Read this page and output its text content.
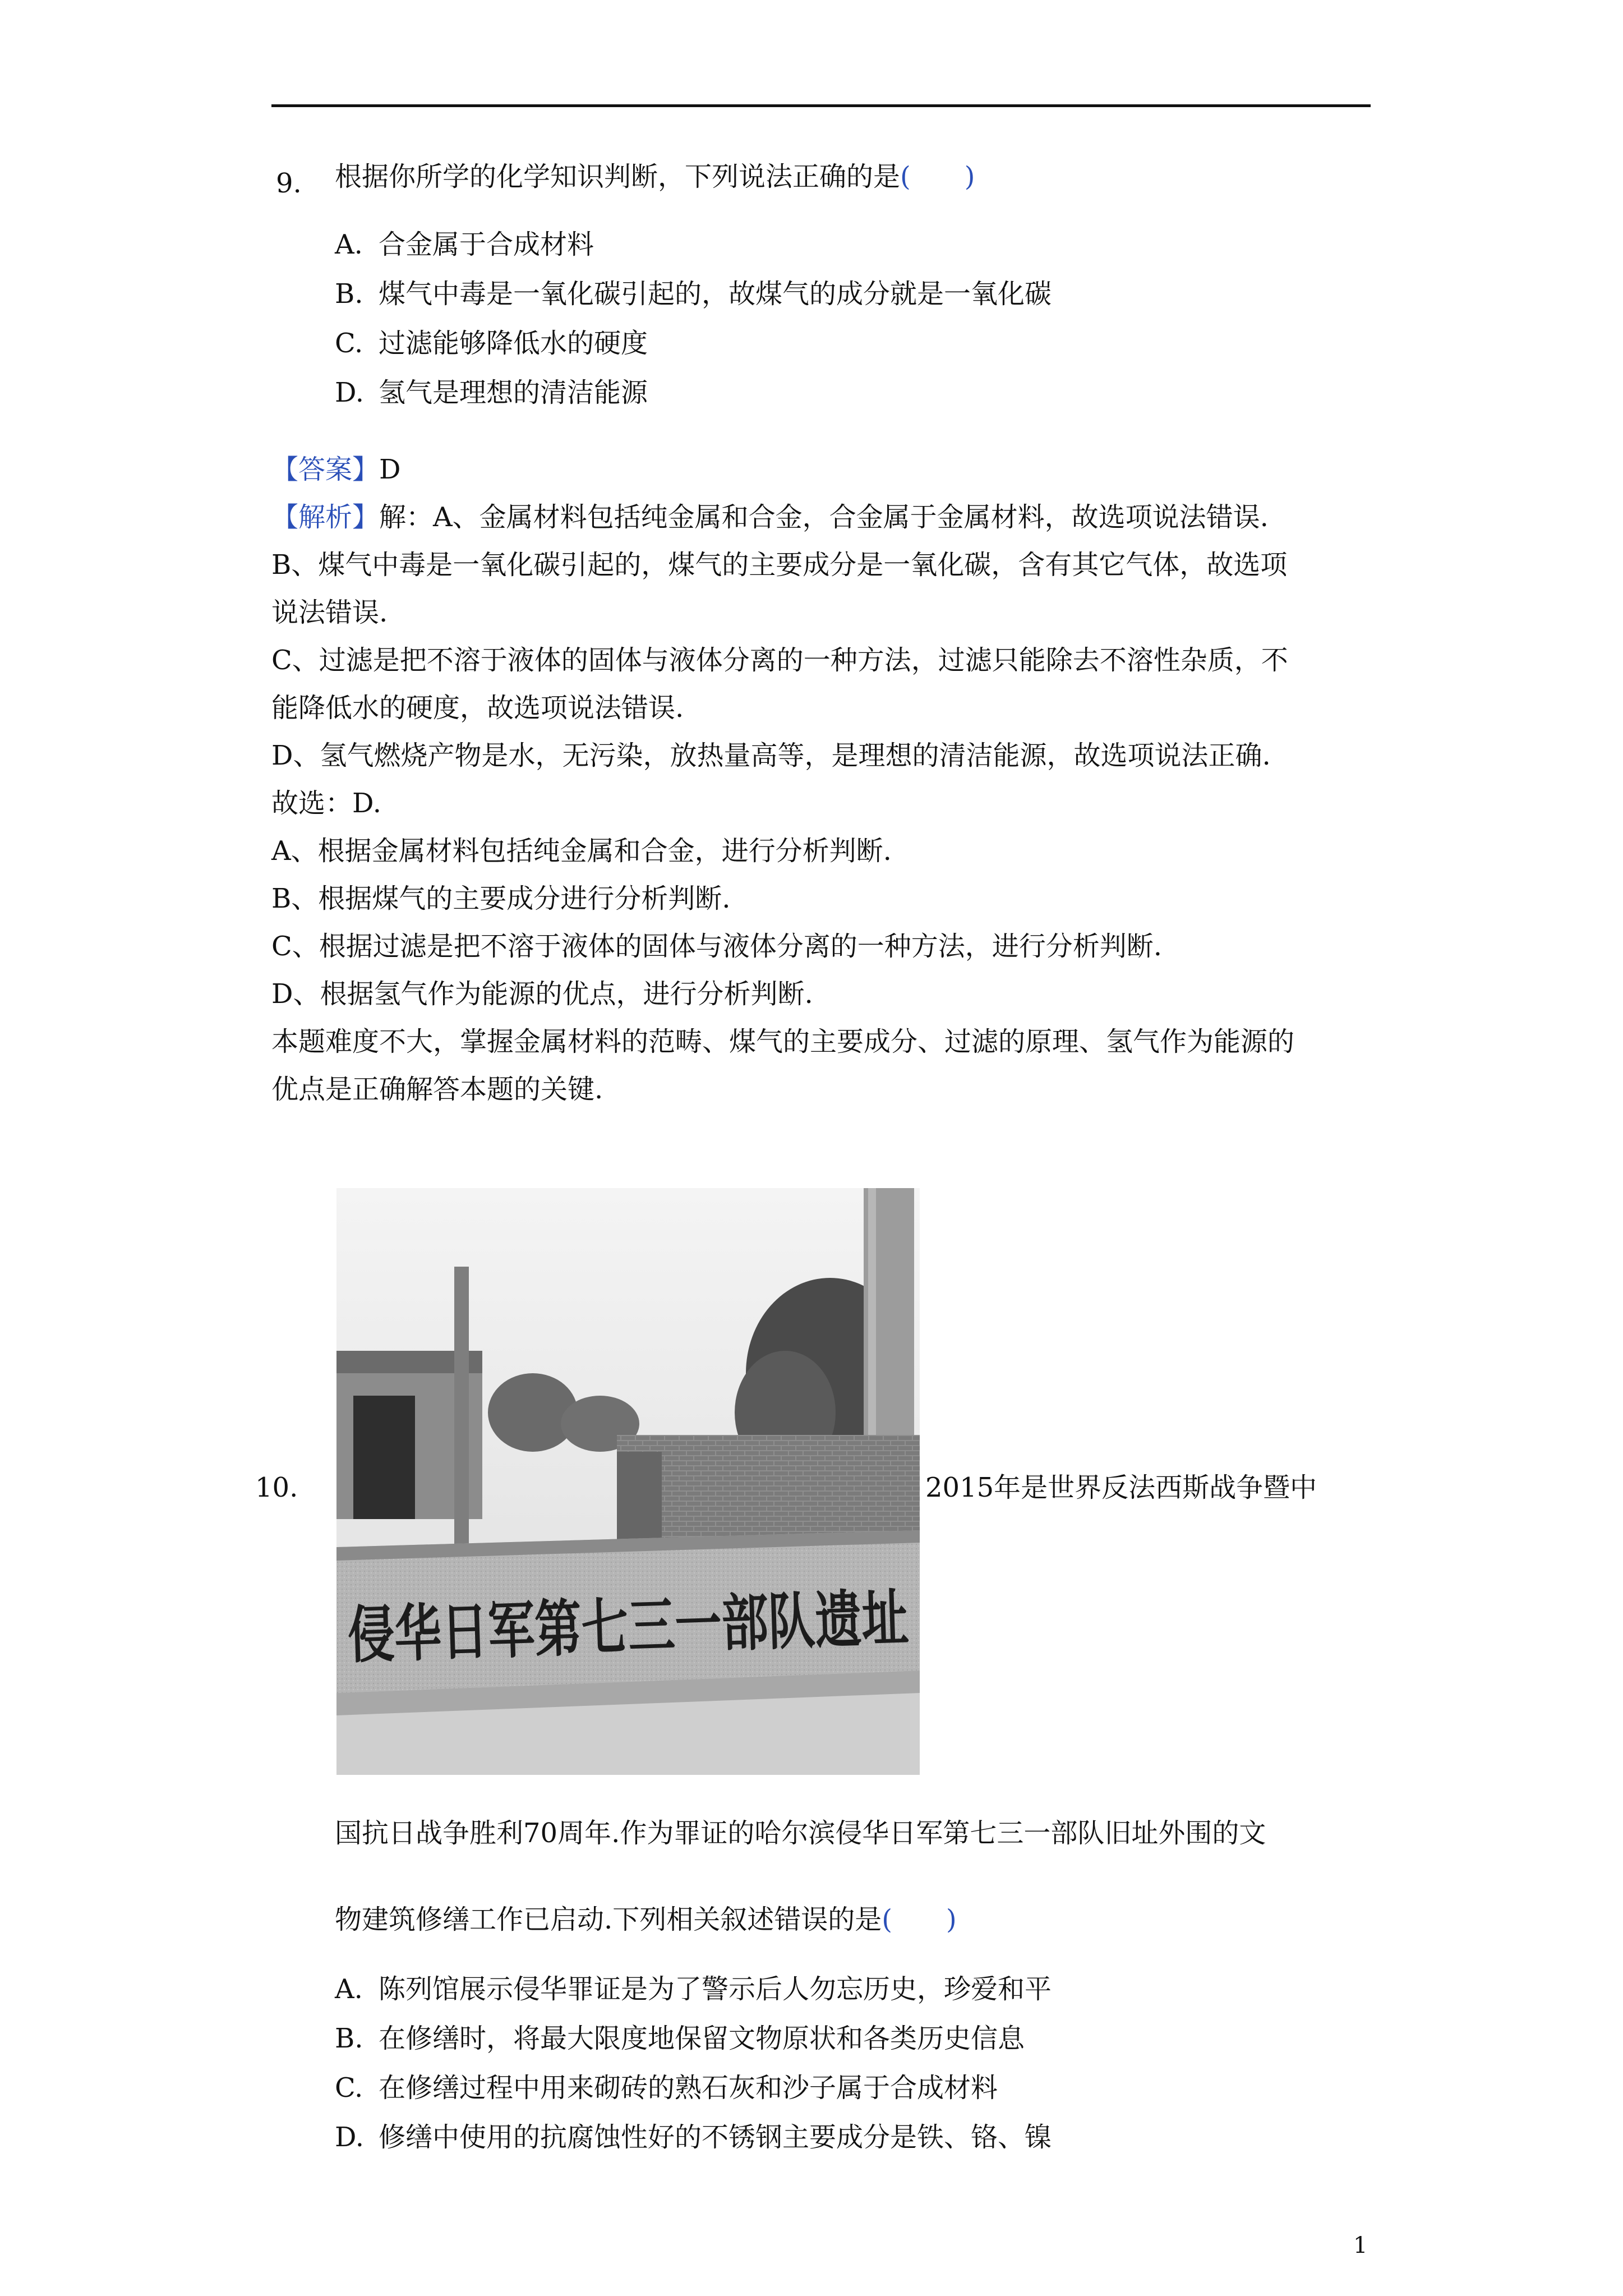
9. 根据你所学的化学知识判断，下列说法正确的是(　　)
A. 合金属于合成材料
B. 煤气中毒是一氧化碳引起的，故煤气的成分就是一氧化碳
C. 过滤能够降低水的硬度
D. 氢气是理想的清洁能源
【答案】D
【解析】解：A、金属材料包括纯金属和合金，合金属于金属材料，故选项说法错误.
B、煤气中毒是一氧化碳引起的，煤气的主要成分是一氧化碳，含有其它气体，故选项
说法错误.
C、过滤是把不溶于液体的固体与液体分离的一种方法，过滤只能除去不溶性杂质，不
能降低水的硬度，故选项说法错误.
D、氢气燃烧产物是水，无污染，放热量高等，是理想的清洁能源，故选项说法正确.
故选：D.
A、根据金属材料包括纯金属和合金，进行分析判断.
B、根据煤气的主要成分进行分析判断.
C、根据过滤是把不溶于液体的固体与液体分离的一种方法，进行分析判断.
D、根据氢气作为能源的优点，进行分析判断.
本题难度不大，掌握金属材料的范畴、煤气的主要成分、过滤的原理、氢气作为能源的
优点是正确解答本题的关键.
10.
侵华日军第七三一部队遗址
2015年是世界反法西斯战争暨中
国抗日战争胜利70周年.作为罪证的哈尔滨侵华日军第七三一部队旧址外围的文
物建筑修缮工作已启动.下列相关叙述错误的是(　　)
A. 陈列馆展示侵华罪证是为了警示后人勿忘历史，珍爱和平
B. 在修缮时，将最大限度地保留文物原状和各类历史信息
C. 在修缮过程中用来砌砖的熟石灰和沙子属于合成材料
D. 修缮中使用的抗腐蚀性好的不锈钢主要成分是铁、铬、镍
1
